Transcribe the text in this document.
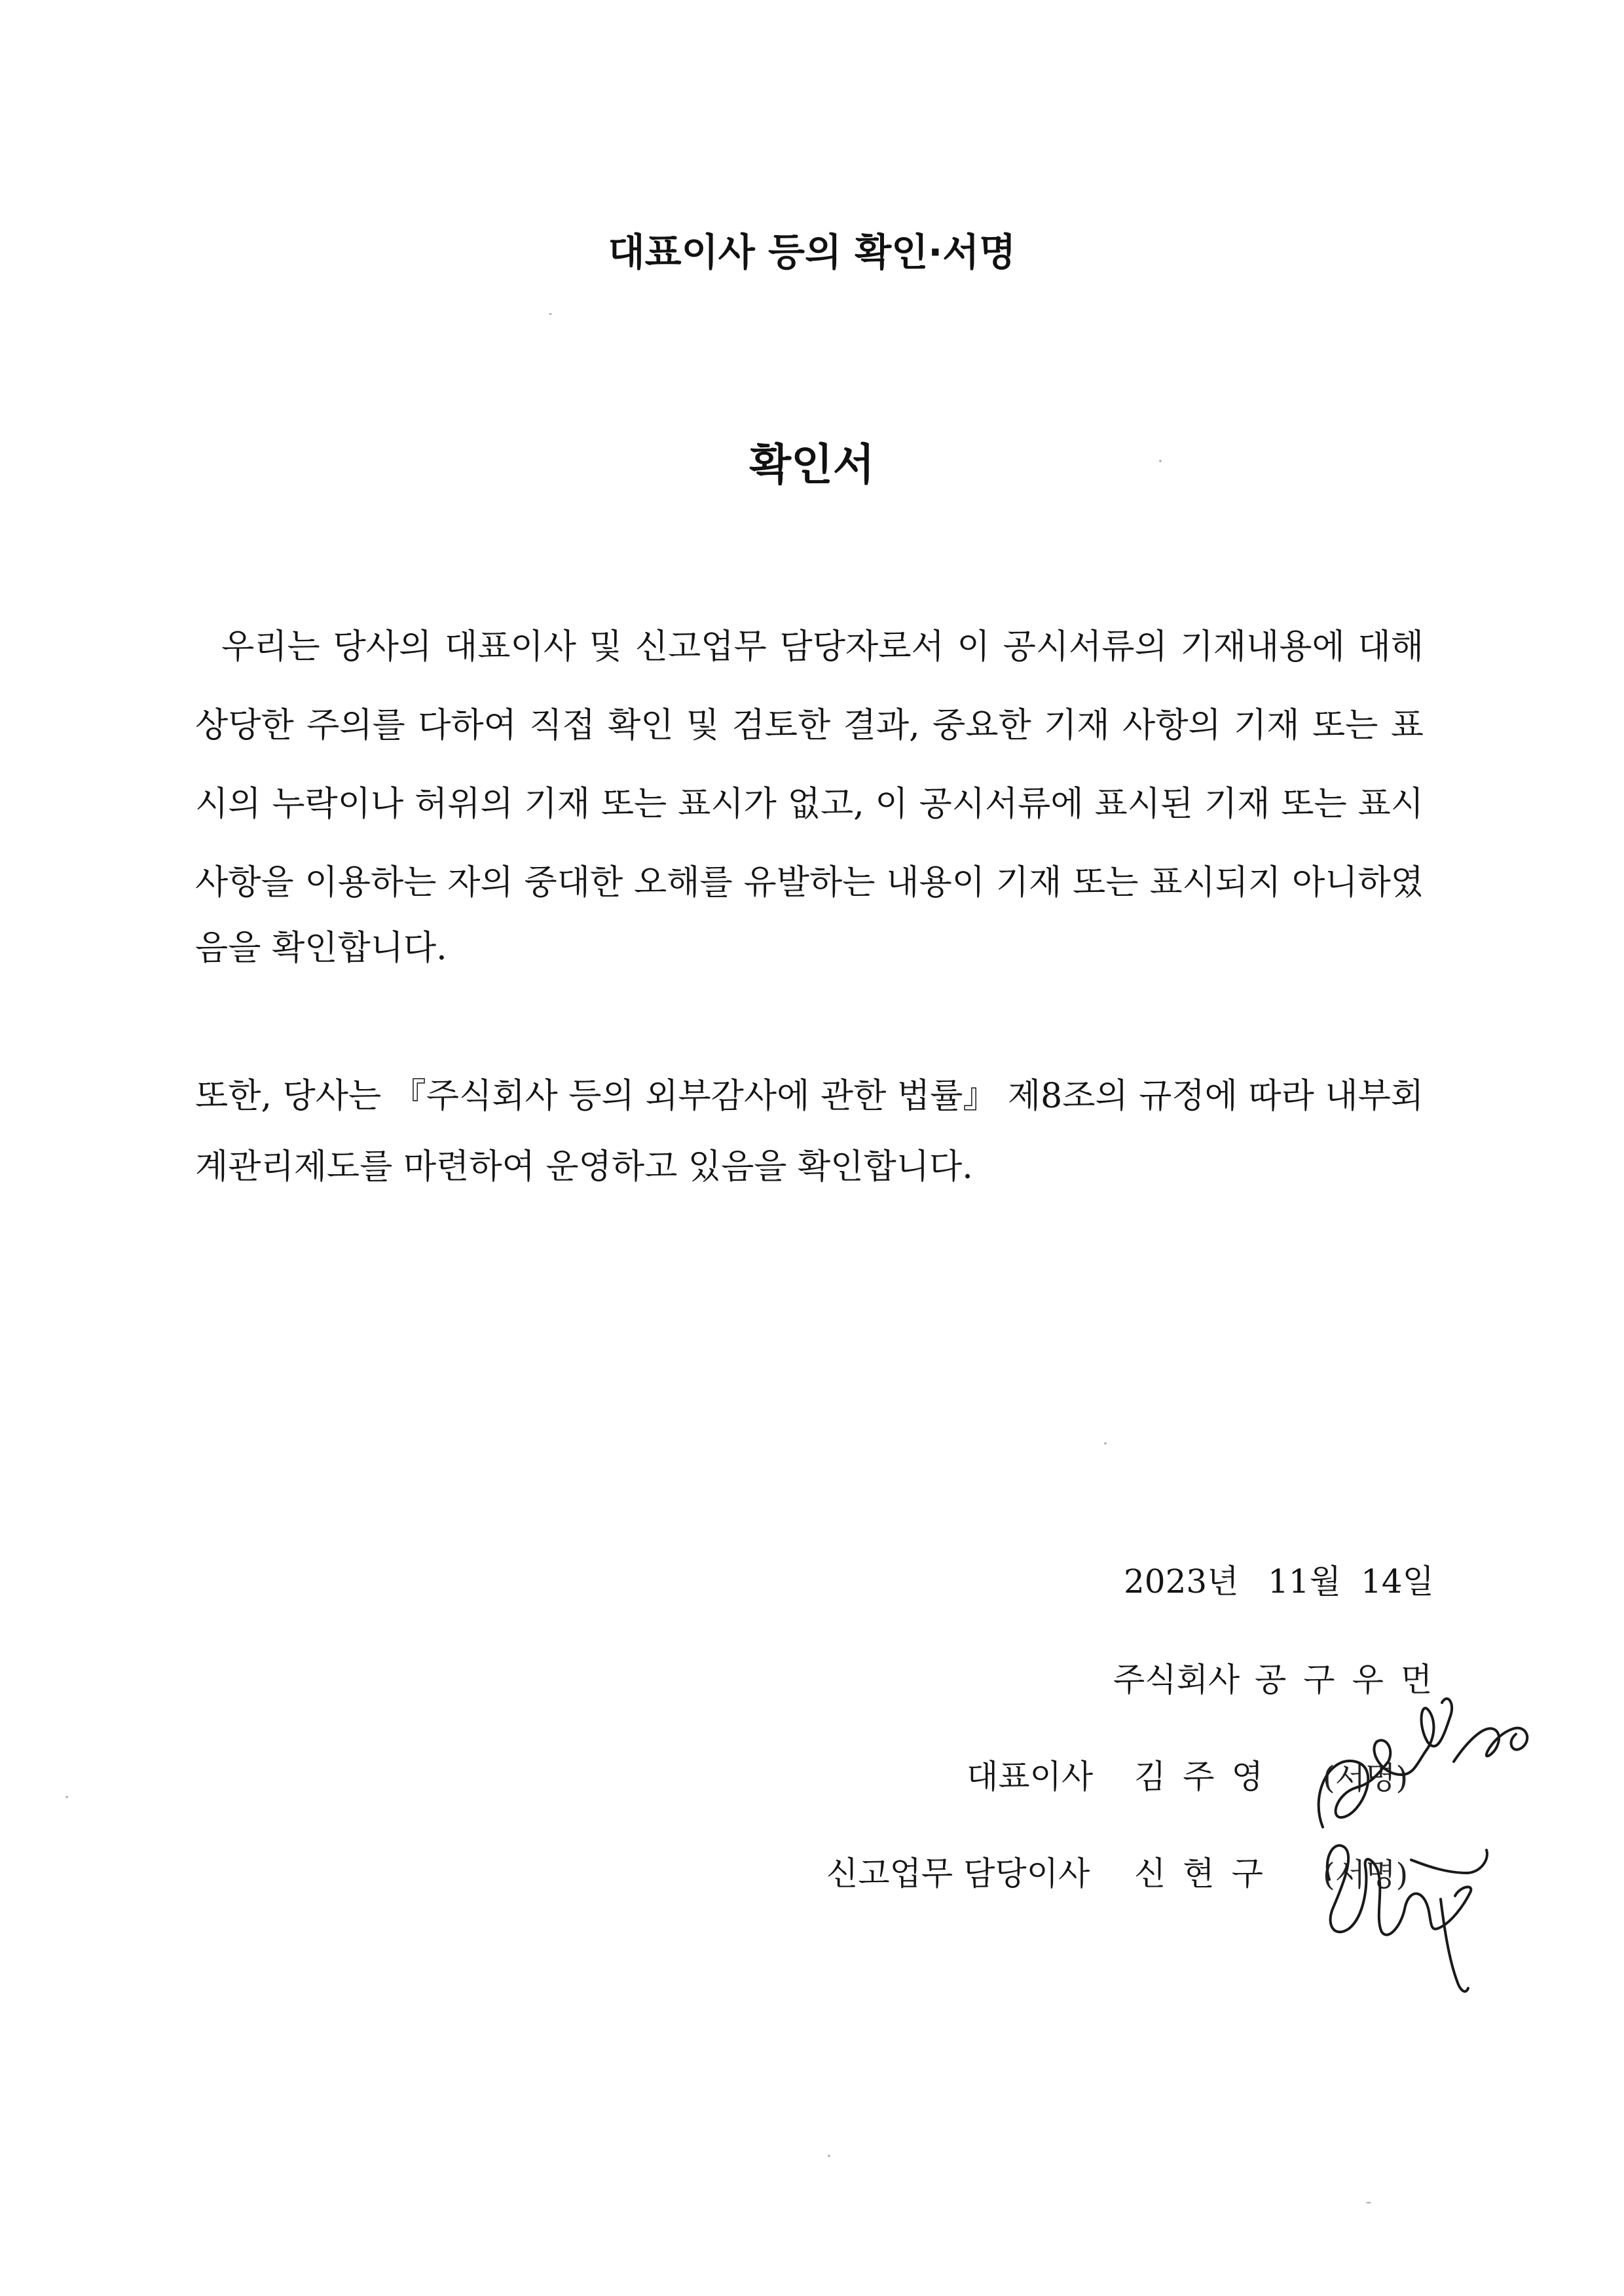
대표이사 등의 확인·서명
확인서
우리는 당사의 대표이사 및 신고업무 담당자로서 이 공시서류의 기재내용에 대해
상당한 주의를 다하여 직접 확인 및 검토한 결과, 중요한 기재 사항의 기재 또는 표
시의 누락이나 허위의 기재 또는 표시가 없고, 이 공시서류에 표시된 기재 또는 표시
사항을 이용하는 자의 중대한 오해를 유발하는 내용이 기재 또는 표시되지 아니하였
음을 확인합니다.
또한, 당사는 『주식회사 등의 외부감사에 관한 법률』 제8조의 규정에 따라 내부회
계관리제도를 마련하여 운영하고 있음을 확인합니다.
2023년 11월 14일
주식회사 공구우먼
대표이사 김주영 (서명)
신고업무 담당이사 신현구 (서명)
